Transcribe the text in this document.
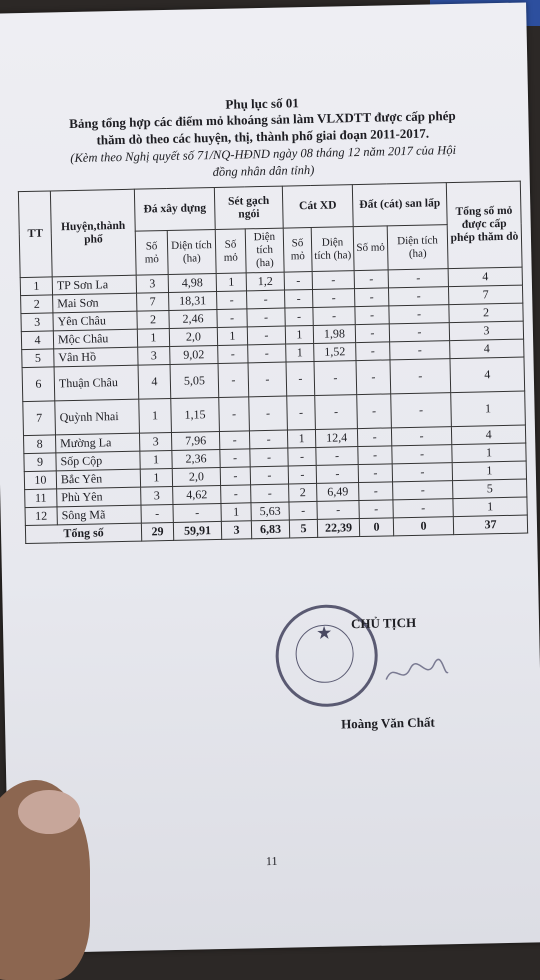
Phụ lục số 01
Bảng tổng hợp các điểm mỏ khoáng sản làm VLXDTT được cấp phép
thăm dò theo các huyện, thị, thành phố giai đoạn 2011-2017.
(Kèm theo Nghị quyết số 71/NQ-HĐND ngày 08 tháng 12 năm 2017 của Hội
đồng nhân dân tỉnh)
TT	Huyện,thành phố	Đá xây dựng		Sét gạch ngói		Cát XD		Đất (cát) san lấp		Tổng số mỏ được cấp phép thăm dò
		Số mỏ	Diện tích (ha)	Số mỏ	Diện tích (ha)	Số mỏ	Diện tích (ha)	Số mỏ	Diện tích (ha)	
1	TP Sơn La	3	4,98	1	1,2	-	-	-	-	4
2	Mai Sơn	7	18,31	-	-	-	-	-	-	7
3	Yên Châu	2	2,46	-	-	-	-	-	-	2
4	Mộc Châu	1	2,0	1	-	1	1,98	-	-	3
5	Vân Hồ	3	9,02	-	-	1	1,52	-	-	4
6	Thuận Châu	4	5,05	-	-	-	-	-	-	4
7	Quỳnh Nhai	1	1,15	-	-	-	-	-	-	1
8	Mường La	3	7,96	-	-	1	12,4	-	-	4
9	Sốp Cộp	1	2,36	-	-	-	-	-	-	1
10	Bắc Yên	1	2,0	-	-	-	-	-	-	1
11	Phù Yên	3	4,62	-	-	2	6,49	-	-	5
12	Sông Mã	-	-	1	5,63	-	-	-	-	1
Tổng số		29	59,91	3	6,83	5	22,39	0	0	37
★	CHỦ TỊCH
Hoàng Văn Chất
11
